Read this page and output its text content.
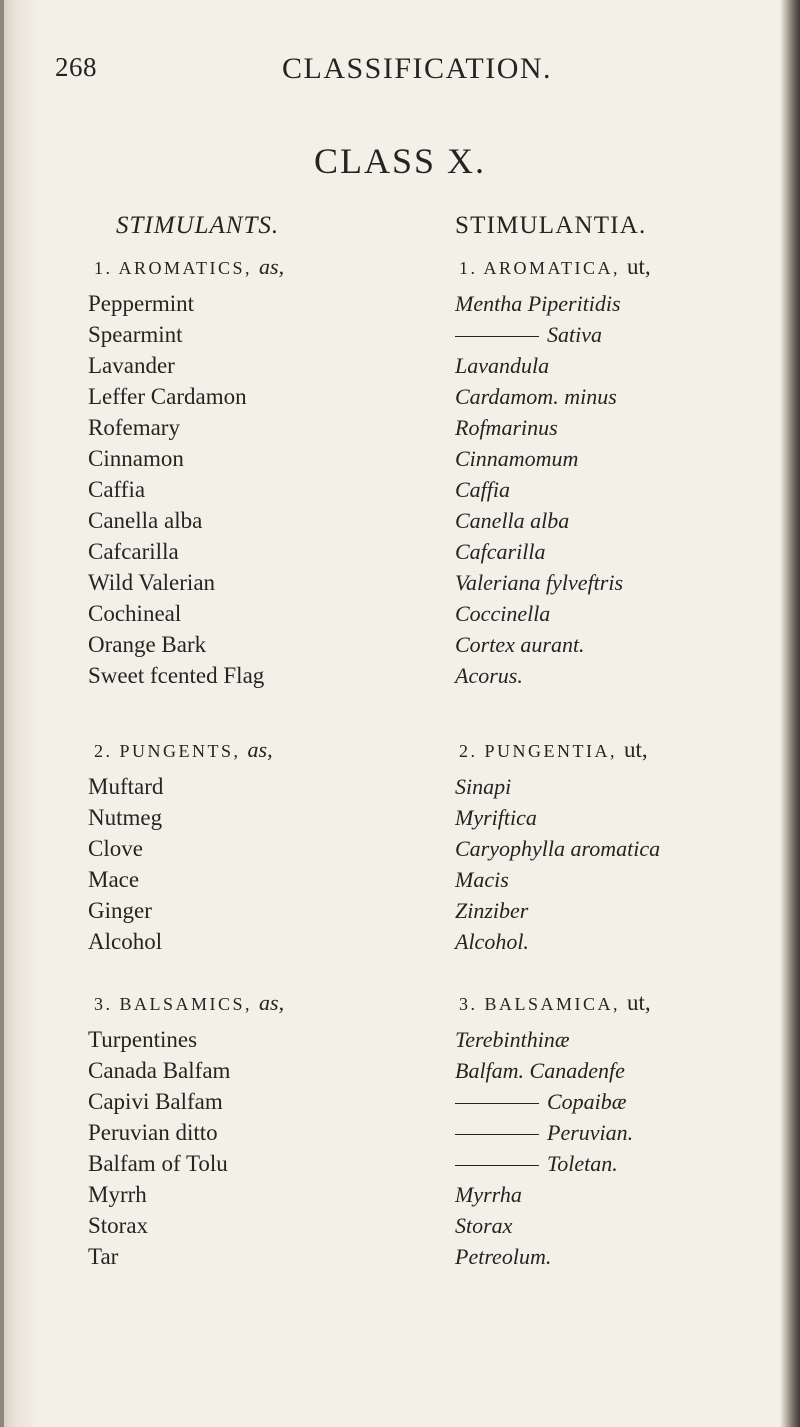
268	CLASSIFICATION.
CLASS X.
STIMULANTS.
1. AROMATICS, as,
Peppermint
Spearmint
Lavander
Leffer Cardamon
Rofemary
Cinnamon
Caffia
Canella alba
Cafcarilla
Wild Valerian
Cochineal
Orange Bark
Sweet fcented Flag
2. PUNGENTS, as,
Muftard
Nutmeg
Clove
Mace
Ginger
Alcohol
3. BALSAMICS, as,
Turpentines
Canada Balfam
Capivi Balfam
Peruvian ditto
Balfam of Tolu
Myrrh
Storax
Tar
STIMULANTIA.
1. AROMATICA, ut,
Mentha Piperitidis
Sativa
Lavandula
Cardamom. minus
Rofmarinus
Cinnamomum
Caffia
Canella alba
Cafcarilla
Valeriana fylveftris
Coccinella
Cortex aurant.
Acorus.
2. PUNGENTIA, ut,
Sinapi
Myriftica
Caryophylla aromatica
Macis
Zinziber
Alcohol.
3. BALSAMICA, ut,
Terebinthinæ
Balfam. Canadenfe
Copaibæ
Peruvian.
Toletan.
Myrrha
Storax
Petreolum.
